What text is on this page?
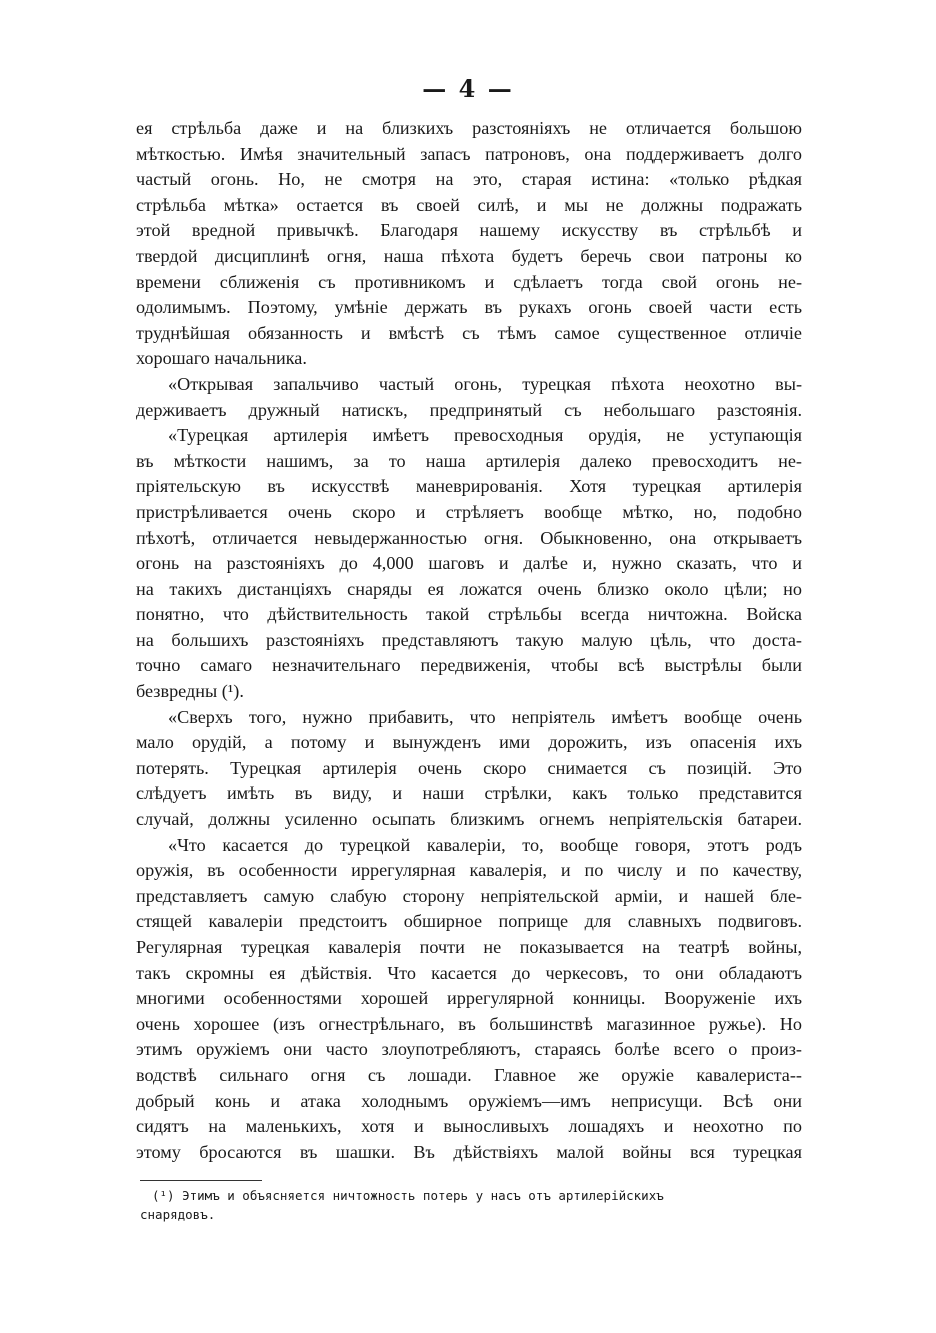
— 4 —
ея стрѣльба даже и на близкихъ разстояніяхъ не отличается большою
мѣткостью. Имѣя значительный запасъ патроновъ, она поддерживаетъ долго
частый огонь. Но, не смотря на это, старая истина: «только рѣдкая
стрѣльба мѣтка» остается въ своей силѣ, и мы не должны подражать
этой вредной привычкѣ. Благодаря нашему искусству въ стрѣльбѣ и
твердой дисциплинѣ огня, наша пѣхота будетъ беречь свои патроны ко
времени сближенія съ противникомъ и сдѣлаетъ тогда свой огонь не-
одолимымъ. Поэтому, умѣніе держать въ рукахъ огонь своей части есть
труднѣйшая обязанность и вмѣстѣ съ тѣмъ самое существенное отличіе
хорошаго начальника.
«Открывая запальчиво частый огонь, турецкая пѣхота неохотно вы-
держиваетъ дружный натискъ, предпринятый съ небольшаго разстоянія.
«Турецкая артилерія имѣетъ превосходныя орудія, не уступающія
въ мѣткости нашимъ, за то наша артилерія далеко превосходитъ не-
пріятельскую въ искусствѣ маневрированія. Хотя турецкая артилерія
пристрѣливается очень скоро и стрѣляетъ вообще мѣтко, но, подобно
пѣхотѣ, отличается невыдержанностью огня. Обыкновенно, она открываетъ
огонь на разстояніяхъ до 4,000 шаговъ и далѣе и, нужно сказать, что и
на такихъ дистанціяхъ снаряды ея ложатся очень близко около цѣли; но
понятно, что дѣйствительность такой стрѣльбы всегда ничтожна. Войска
на большихъ разстояніяхъ представляютъ такую малую цѣль, что доста-
точно самаго незначительнаго передвиженія, чтобы всѣ выстрѣлы были
безвредны (¹).
«Сверхъ того, нужно прибавить, что непріятель имѣетъ вообще очень
мало орудій, а потому и вынужденъ ими дорожить, изъ опасенія ихъ
потерять. Турецкая артилерія очень скоро снимается съ позицій. Это
слѣдуетъ имѣть въ виду, и наши стрѣлки, какъ только представится
случай, должны усиленно осыпать близкимъ огнемъ непріятельскія батареи.
«Что касается до турецкой кавалеріи, то, вообще говоря, этотъ родъ
оружія, въ особенности иррегулярная кавалерія, и по числу и по качеству,
представляетъ самую слабую сторону непріятельской арміи, и нашей бле-
стящей кавалеріи предстоитъ обширное поприще для славныхъ подвиговъ.
Регулярная турецкая кавалерія почти не показывается на театрѣ войны,
такъ скромны ея дѣйствія. Что касается до черкесовъ, то они обладаютъ
многими особенностями хорошей иррегулярной конницы. Вооруженіе ихъ
очень хорошее (изъ огнестрѣльнаго, въ большинствѣ магазинное ружье). Но
этимъ оружіемъ они часто злоупотребляютъ, стараясь болѣе всего о произ-
водствѣ сильнаго огня съ лошади. Главное же оружіе кавалериста--
добрый конь и атака холоднымъ оружіемъ—имъ неприсущи. Всѣ они
сидятъ на маленькихъ, хотя и выносливыхъ лошадяхъ и неохотно по
этому бросаются въ шашки. Въ дѣйствіяхъ малой войны вся турецкая
(¹) Этимъ и объясняется ничтожность потерь у насъ отъ артилерійскихъ
снарядовъ.
